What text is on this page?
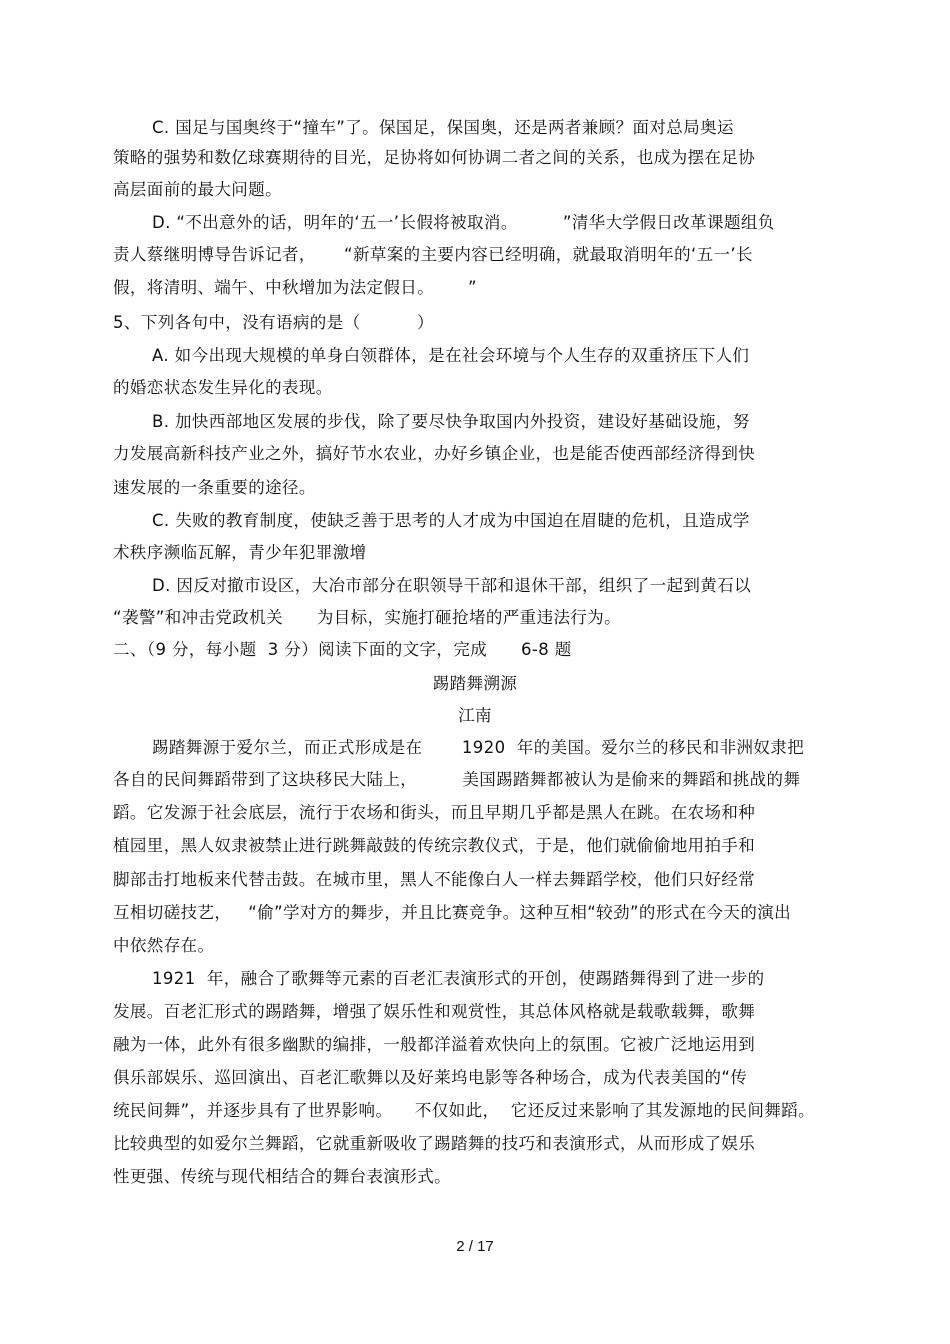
C. 国足与国奥终于“撞车”了。保国足，保国奥，还是两者兼顾？面对总局奥运
策略的强势和数亿球赛期待的目光，足协将如何协调二者之间的关系，也成为摆在足协
高层面前的最大问题。
D. “不出意外的话，明年的‘五一’长假将被取消。        ”清华大学假日改革课题组负
责人蔡继明博导告诉记者，     “新草案的主要内容已经明确，就最取消明年的‘五一’长
假，将清明、端午、中秋增加为法定假日。      ”
5、下列各句中，没有语病的是（          ）
A. 如今出现大规模的单身白领群体，是在社会环境与个人生存的双重挤压下人们
的婚恋状态发生异化的表现。
B. 加快西部地区发展的步伐，除了要尽快争取国内外投资，建设好基础设施，努
力发展高新科技产业之外，搞好节水农业，办好乡镇企业，也是能否使西部经济得到快
速发展的一条重要的途径。
C. 失败的教育制度，使缺乏善于思考的人才成为中国迫在眉睫的危机，且造成学
术秩序濒临瓦解，青少年犯罪激增
D. 因反对撤市设区，大冶市部分在职领导干部和退休干部，组织了一起到黄石以
“袭警”和冲击党政机关      为目标，实施打砸抢堵的严重违法行为。
二、（9 分，每小题  3 分）阅读下面的文字，完成      6-8 题
踢踏舞溯源
江南
踢踏舞源于爱尔兰，而正式形成是在       1920  年的美国。爱尔兰的移民和非洲奴隶把
各自的民间舞蹈带到了这块移民大陆上，        美国踢踏舞都被认为是偷来的舞蹈和挑战的舞
蹈。它发源于社会底层，流行于农场和街头，而且早期几乎都是黑人在跳。在农场和种
植园里，黑人奴隶被禁止进行跳舞敲鼓的传统宗教仪式，于是，他们就偷偷地用拍手和
脚部击打地板来代替击鼓。在城市里，黑人不能像白人一样去舞蹈学校，他们只好经常
互相切磋技艺，   “偷”学对方的舞步，并且比赛竞争。这种互相“较劲”的形式在今天的演出
中依然存在。
1921  年，融合了歌舞等元素的百老汇表演形式的开创，使踢踏舞得到了进一步的
发展。百老汇形式的踢踏舞，增强了娱乐性和观赏性，其总体风格就是载歌载舞，歌舞
融为一体，此外有很多幽默的编排，一般都洋溢着欢快向上的氛围。它被广泛地运用到
俱乐部娱乐、巡回演出、百老汇歌舞以及好莱坞电影等各种场合，成为代表美国的“传
统民间舞”，并逐步具有了世界影响。    不仅如此，  它还反过来影响了其发源地的民间舞蹈。
比较典型的如爱尔兰舞蹈，它就重新吸收了踢踏舞的技巧和表演形式，从而形成了娱乐
性更强、传统与现代相结合的舞台表演形式。
2 / 17
